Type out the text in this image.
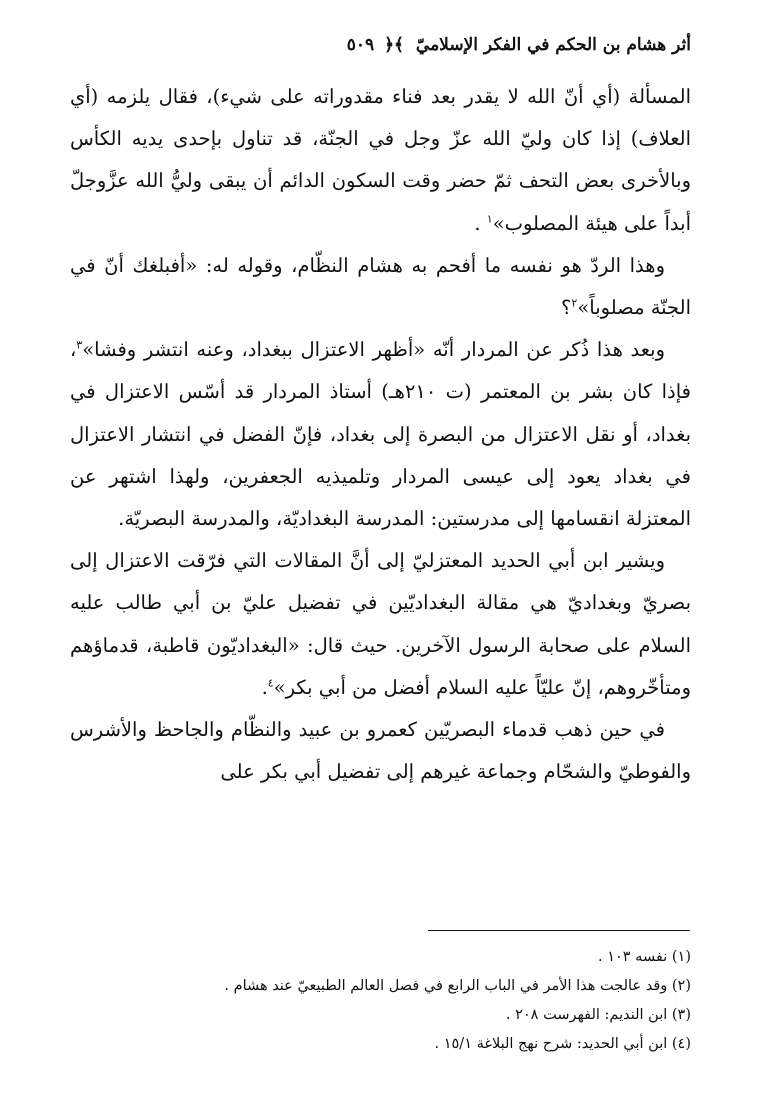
أثر هشام بن الحكم في الفكر الإسلاميّ ﴾﴿ ٥٠٩

المسألة (أي أنّ الله لا يقدر بعد فناء مقدوراته على شيء)، فقال يلزمه (أي العلاف) إذا كان وليّ الله عزّ وجل في الجنّة، قد تناول بإحدى يديه الكأس وبالأخرى بعض التحف ثمّ حضر وقت السكون الدائم أن يبقى وليُّ الله عزَّوجلّ أبداً على هيئة المصلوب»$^١$ .

وهذا الردّ هو نفسه ما أفحم به هشام النظّام، وقوله له: «أفبلغك أنّ في الجنّة مصلوباً»$^٢$؟

وبعد هذا ذُكر عن المردار أنّه «أظهر الاعتزال ببغداد، وعنه انتشر وفشا»$^٣$، فإذا كان بشر بن المعتمر (ت ٢١٠هـ) أستاذ المردار قد أسّس الاعتزال في بغداد، أو نقل الاعتزال من البصرة إلى بغداد، فإنّ الفضل في انتشار الاعتزال في بغداد يعود إلى عيسى المردار وتلميذيه الجعفرين، ولهذا اشتهر عن المعتزلة انقسامها إلى مدرستين: المدرسة البغداديّة، والمدرسة البصريّة.

ويشير ابن أبي الحديد المعتزليّ إلى أنَّ المقالات التي فرّقت الاعتزال إلى بصريّ وبغداديّ هي مقالة البغداديّين في تفضيل عليّ بن أبي طالب عليه السلام على صحابة الرسول الآخرين. حيث قال: «البغداديّون قاطبة، قدماؤهم ومتأخّروهم، إنّ عليّاً عليه السلام أفضل من أبي بكر»$^٤$.

في حين ذهب قدماء البصريّين كعمرو بن عبيد والنظّام والجاحظ والأشرس والفوطيّ والشحّام وجماعة غيرهم إلى تفضيل أبي بكر على

(١) نفسه ١٠٣ .

(٢) وقد عالجت هذا الأمر في الباب الرابع في فصل العالم الطبيعيّ عند هشام .

(٣) ابن النديم: الفهرست ٢٠٨ .

(٤) ابن أبي الحديد: شرح نهج البلاغة ١٥/١ .
